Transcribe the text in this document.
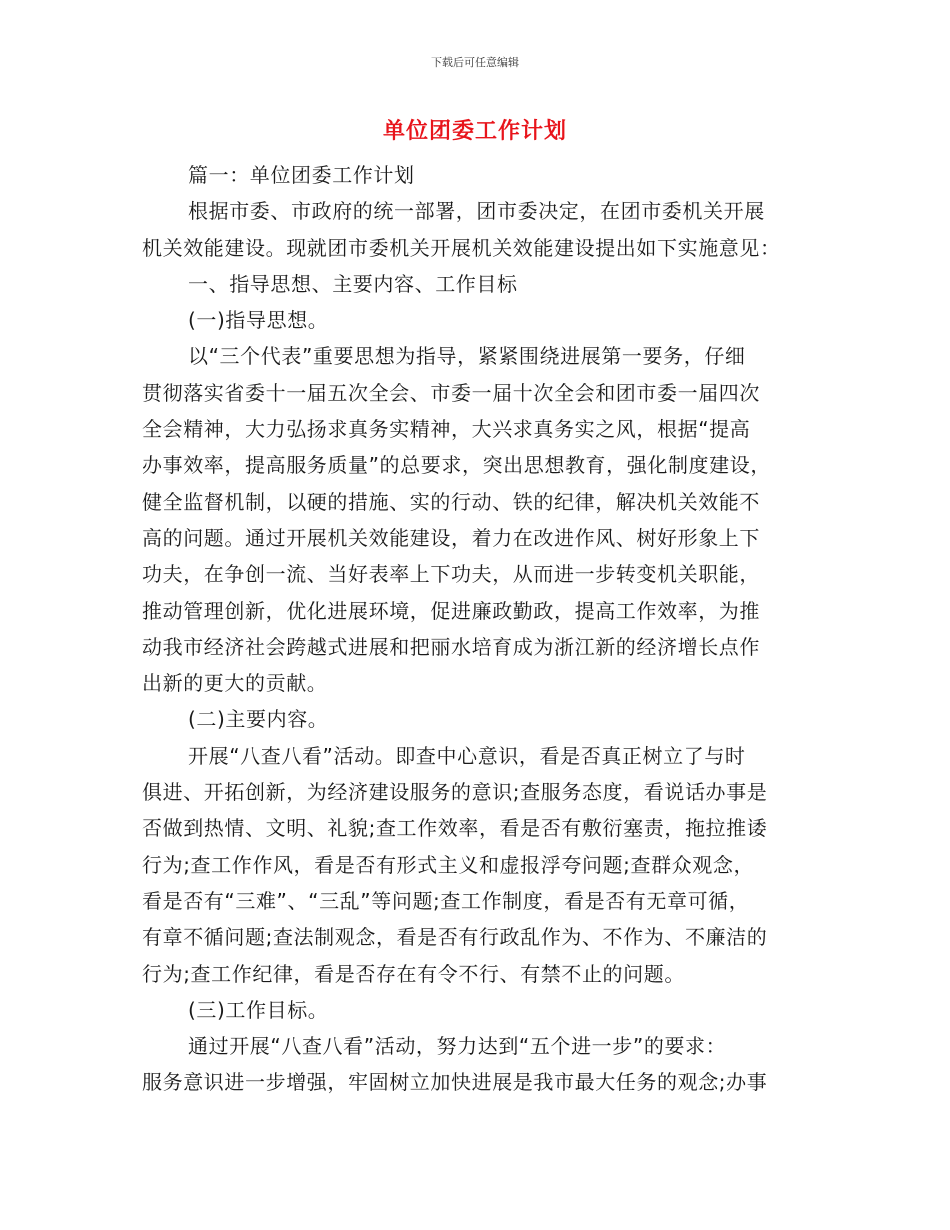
下载后可任意编辑
单位团委工作计划
篇一：单位团委工作计划
根据市委、市政府的统一部署，团市委决定，在团市委机关开展
机关效能建设。现就团市委机关开展机关效能建设提出如下实施意见：
一、指导思想、主要内容、工作目标
(一)指导思想。
以“三个代表”重要思想为指导，紧紧围绕进展第一要务，仔细
贯彻落实省委十一届五次全会、市委一届十次全会和团市委一届四次
全会精神，大力弘扬求真务实精神，大兴求真务实之风，根据“提高
办事效率，提高服务质量”的总要求，突出思想教育，强化制度建设，
健全监督机制，以硬的措施、实的行动、铁的纪律，解决机关效能不
高的问题。通过开展机关效能建设，着力在改进作风、树好形象上下
功夫，在争创一流、当好表率上下功夫，从而进一步转变机关职能，
推动管理创新，优化进展环境，促进廉政勤政，提高工作效率，为推
动我市经济社会跨越式进展和把丽水培育成为浙江新的经济增长点作
出新的更大的贡献。
(二)主要内容。
开展“八查八看”活动。即查中心意识，看是否真正树立了与时
俱进、开拓创新，为经济建设服务的意识;查服务态度，看说话办事是
否做到热情、文明、礼貌;查工作效率，看是否有敷衍塞责，拖拉推诿
行为;查工作作风，看是否有形式主义和虚报浮夸问题;查群众观念，
看是否有“三难”、“三乱”等问题;查工作制度，看是否有无章可循，
有章不循问题;查法制观念，看是否有行政乱作为、不作为、不廉洁的
行为;查工作纪律，看是否存在有令不行、有禁不止的问题。
(三)工作目标。
通过开展“八查八看”活动，努力达到“五个进一步”的要求：
服务意识进一步增强，牢固树立加快进展是我市最大任务的观念;办事
